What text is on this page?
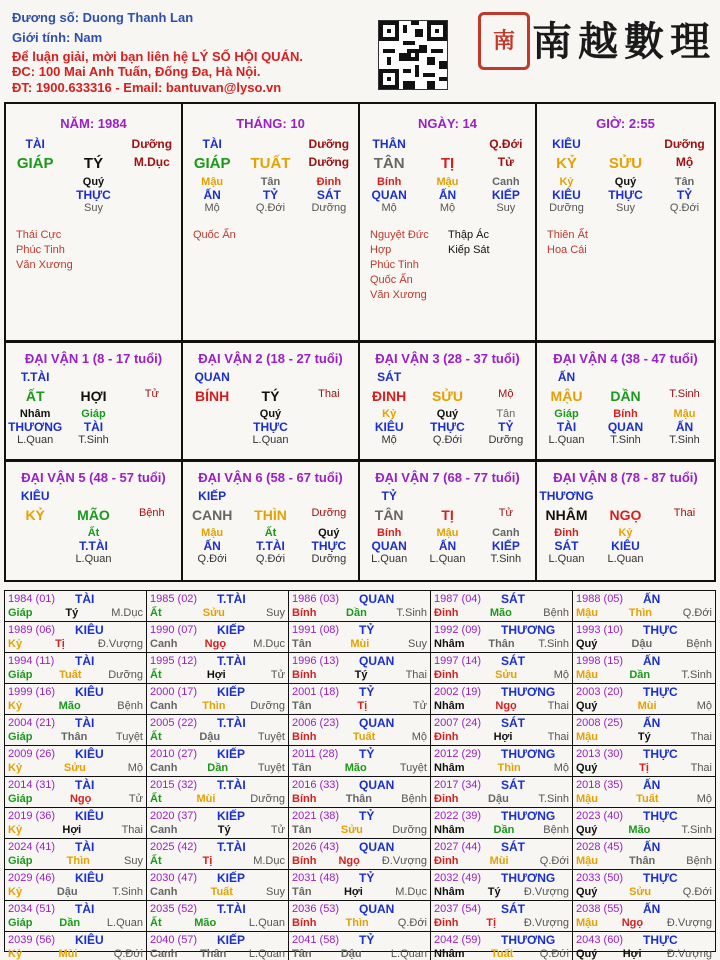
Đương số: Duong Thanh Lan
Giới tính: Nam
Để luận giải, mời bạn liên hệ LÝ SỐ HỘI QUÁN.
ĐC: 100 Mai Anh Tuấn, Đống Đa, Hà Nội.
ĐT: 1900.633316 - Email: bantuvan@lyso.vn
南 南越數理
NĂM: 1984
TÀI	Dưỡng
GIÁP	TÝ	M.Dục
Quý
THỰC
Suy
Thái Cực
Phúc Tinh
Văn Xương
THÁNG: 10
TÀI	Dưỡng
GIÁP	TUẤT	Dưỡng
Mậu	Tân	Đinh
ẤN	TỶ	SÁT
Mộ	Q.Đới	Dưỡng
Quốc Ấn
NGÀY: 14
THÂN	Q.Đới
TÂN	TỊ	Tử
Bính	Mậu	Canh
QUAN	ẤN	KIẾP
Mộ	Mộ	Suy
Nguyệt Đức Hợp
Phúc Tinh
Quốc Ấn
Văn Xương
Thập Ác
Kiếp Sát
GIỜ: 2:55
KIÊU	Dưỡng
KỶ	SỬU	Mộ
Kỷ	Quý	Tân
KIÊU	THỰC	TỶ
Dưỡng	Suy	Q.Đới
Thiên Ất
Hoa Cái
ĐẠI VẬN 1 (8 - 17 tuổi)
T.TÀI
ẤT	HỢI	Tử
Nhâm	Giáp
THƯƠNG	TÀI
L.Quan	T.Sinh
ĐẠI VẬN 2 (18 - 27 tuổi)
QUAN
BÍNH	TÝ	Thai
Quý
THỰC
L.Quan
ĐẠI VẬN 3 (28 - 37 tuổi)
SÁT
ĐINH	SỬU	Mộ
Kỷ	Quý	Tân
KIÊU	THỰC	TỶ
Mộ	Q.Đới	Dưỡng
ĐẠI VẬN 4 (38 - 47 tuổi)
ẤN
MẬU	DẦN	T.Sinh
Giáp	Bính	Mậu
TÀI	QUAN	ẤN
L.Quan	T.Sinh	T.Sinh
ĐẠI VẬN 5 (48 - 57 tuổi)
KIÊU
KỶ	MÃO	Bệnh
Ất
T.TÀI
L.Quan
ĐẠI VẬN 6 (58 - 67 tuổi)
KIẾP
CANH	THÌN	Dưỡng
Mậu	Ất	Quý
ẤN	T.TÀI	THỰC
Q.Đới	Q.Đới	Dưỡng
ĐẠI VẬN 7 (68 - 77 tuổi)
TỶ
TÂN	TỊ	Tử
Bính	Mậu	Canh
QUAN	ẤN	KIẾP
L.Quan	L.Quan	T.Sinh
ĐẠI VẬN 8 (78 - 87 tuổi)
THƯƠNG
NHÂM	NGỌ	Thai
Đinh	Kỷ
SÁT	KIÊU
L.Quan	L.Quan
1984 (01)	TÀI
Giáp	Tý	M.Dục
1985 (02)	T.TÀI
Ất	Sửu	Suy
1986 (03)	QUAN
Bính	Dần	T.Sinh
1987 (04)	SÁT
Đinh	Mão	Bệnh
1988 (05)	ẤN
Mậu	Thìn	Q.Đới
1989 (06)	KIÊU
Kỷ	Tị	Đ.Vượng
1990 (07)	KIẾP
Canh Ngọ M.Dục
1991 (08)	TỶ
Tân	Mùi	Suy
1992 (09)	THƯƠNG
Nhâm Thân T.Sinh
1993 (10)	THỰC
Quý	Dậu	Bệnh
1994 (11)	TÀI
Giáp Tuất Dưỡng
1995 (12)	T.TÀI
Ất	Hợi	Tử
1996 (13)	QUAN
Bính	Tý	Thai
1997 (14)	SÁT
Đinh	Sửu	Mộ
1998 (15)	ẤN
Mậu	Dần	T.Sinh
1999 (16)	KIÊU
Kỷ	Mão	Bệnh
2000 (17)	KIẾP
Canh Thìn Dưỡng
2001 (18)	TỶ
Tân	Tị	Tử
2002 (19)	THƯƠNG
Nhâm	Ngọ	Thai
2003 (20)	THỰC
Quý	Mùi	Mộ
2004 (21)	TÀI
Giáp	Thân	Tuyệt
2005 (22)	T.TÀI
Ất	Dậu	Tuyệt
2006 (23)	QUAN
Bính	Tuất	Mộ
2007 (24)	SÁT
Đinh	Hợi	Thai
2008 (25)	ẤN
Mậu	Tý	Thai
2009 (26)	KIÊU
Kỷ	Sửu	Mộ
2010 (27)	KIẾP
Canh	Dần	Tuyệt
2011 (28)	TỶ
Tân	Mão	Tuyệt
2012 (29)	THƯƠNG
Nhâm	Thìn	Mộ
2013 (30)	THỰC
Quý	Tị	Thai
2014 (31)	TÀI
Giáp	Ngọ	Tử
2015 (32)	T.TÀI
Ất	Mùi	Dưỡng
2016 (33)	QUAN
Bính	Thân	Bệnh
2017 (34)	SÁT
Đinh	Dậu	T.Sinh
2018 (35)	ẤN
Mậu	Tuất	Mộ
2019 (36)	KIÊU
Kỷ	Hợi	Thai
2020 (37)	KIẾP
Canh	Tý	Tử
2021 (38)	TỶ
Tân	Sửu	Dưỡng
2022 (39)	THƯƠNG
Nhâm	Dần	Bệnh
2023 (40)	THỰC
Quý	Mão	T.Sinh
2024 (41)	TÀI
Giáp	Thìn	Suy
2025 (42)	T.TÀI
Ất	Tị	M.Dục
2026 (43)	QUAN
Bính Ngọ Đ.Vượng
2027 (44)	SÁT
Đinh	Mùi	Q.Đới
2028 (45)	ẤN
Mậu	Thân	Bệnh
2029 (46)	KIÊU
Kỷ	Dậu	T.Sinh
2030 (47)	KIẾP
Canh	Tuất	Suy
2031 (48)	TỶ
Tân	Hợi	M.Dục
2032 (49)	THƯƠNG
Nhâm Tý Đ.Vượng
2033 (50)	THỰC
Quý	Sửu	Q.Đới
2034 (51)	TÀI
Giáp Dần L.Quan
2035 (52)	T.TÀI
Ất	Mão	L.Quan
2036 (53)	QUAN
Bính	Thìn	Q.Đới
2037 (54)	SÁT
Đinh	Tị	Đ.Vượng
2038 (55)	ẤN
Mậu Ngọ Đ.Vượng
2039 (56)	KIÊU
Kỷ	Mùi	Q.Đới
2040 (57)	KIẾP
Canh Thân L.Quan
2041 (58)	TỶ
Tân	Dậu	L.Quan
2042 (59)	THƯƠNG
Nhâm Tuất Q.Đới
2043 (60)	THỰC
Quý Hợi Đ.Vượng
